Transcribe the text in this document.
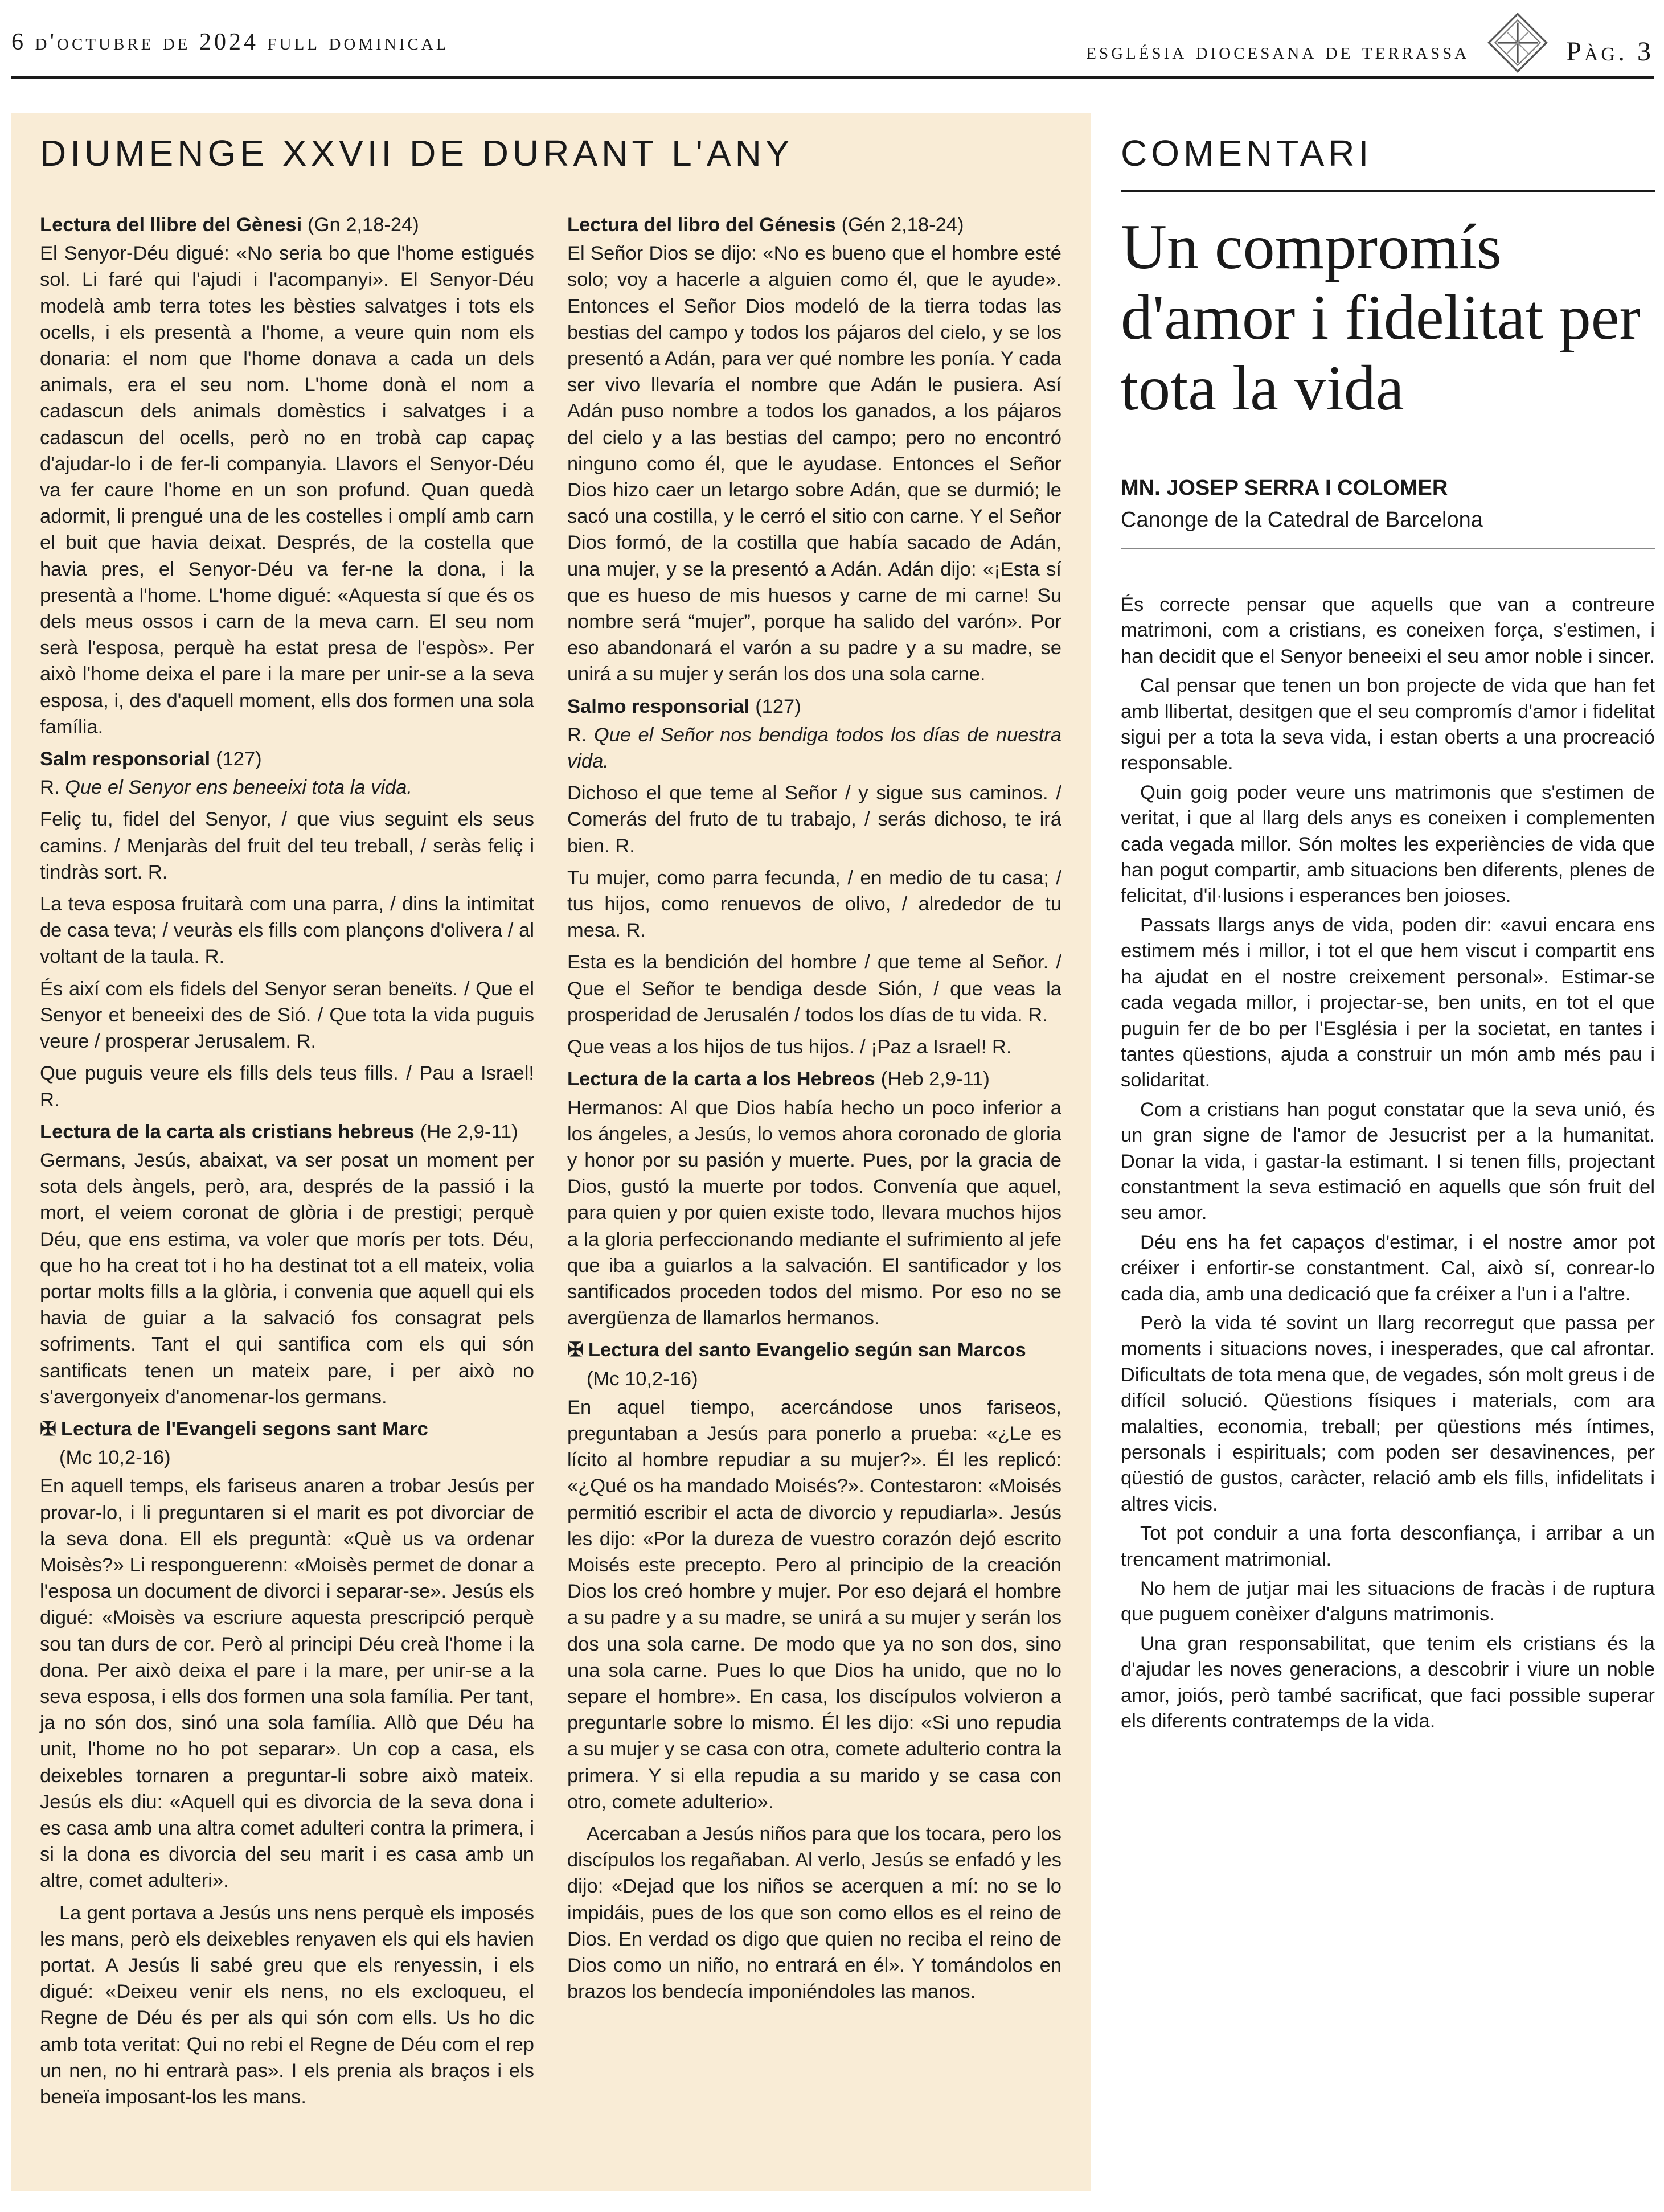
6 d'octubre de 2024 full dominical	església diocesana de terrassa	Pàg. 3
DIUMENGE XXVII DE DURANT L'ANY
Lectura del llibre del Gènesi (Gn 2,18-24)

El Senyor-Déu digué: «No seria bo que l'home estigués sol. Li faré qui l'ajudi i l'acompanyi». El Senyor-Déu modelà amb terra totes les bèsties salvatges i tots els ocells, i els presentà a l'home, a veure quin nom els donaria: el nom que l'home donava a cada un dels animals, era el seu nom. L'home donà el nom a cadascun dels animals domèstics i salvatges i a cadascun del ocells, però no en trobà cap capaç d'ajudar-lo i de fer-li companyia. Llavors el Senyor-Déu va fer caure l'home en un son profund. Quan quedà adormit, li prengué una de les costelles i omplí amb carn el buit que havia deixat. Després, de la costella que havia pres, el Senyor-Déu va fer-ne la dona, i la presentà a l'home. L'home digué: «Aquesta sí que és os dels meus ossos i carn de la meva carn. El seu nom serà l'esposa, perquè ha estat presa de l'espòs». Per això l'home deixa el pare i la mare per unir-se a la seva esposa, i, des d'aquell moment, ells dos formen una sola família.

Salm responsorial (127)

R. Que el Senyor ens beneeixi tota la vida.

Feliç tu, fidel del Senyor, / que vius seguint els seus camins. / Menjaràs del fruit del teu treball, / seràs feliç i tindràs sort. R.

La teva esposa fruitarà com una parra, / dins la intimitat de casa teva; / veuràs els fills com plançons d'olivera / al voltant de la taula. R.

És així com els fidels del Senyor seran beneïts. / Que el Senyor et beneeixi des de Sió. / Que tota la vida puguis veure / prosperar Jerusalem. R.

Que puguis veure els fills dels teus fills. / Pau a Israel! R.

Lectura de la carta als cristians hebreus (He 2,9-11)

Germans, Jesús, abaixat, va ser posat un moment per sota dels àngels, però, ara, després de la passió i la mort, el veiem coronat de glòria i de prestigi; perquè Déu, que ens estima, va voler que morís per tots. Déu, que ho ha creat tot i ho ha destinat tot a ell mateix, volia portar molts fills a la glòria, i convenia que aquell qui els havia de guiar a la salvació fos consagrat pels sofriments. Tant el qui santifica com els qui són santificats tenen un mateix pare, i per això no s'avergonyeix d'anomenar-los germans.

✠ Lectura de l'Evangeli segons sant Marc
(Mc 10,2-16)

En aquell temps, els fariseus anaren a trobar Jesús per provar-lo, i li preguntaren si el marit es pot divorciar de la seva dona. Ell els preguntà: «Què us va ordenar Moisès?» Li responguerenn: «Moisès permet de donar a l'esposa un document de divorci i separar-se». Jesús els digué: «Moisès va escriure aquesta prescripció perquè sou tan durs de cor. Però al principi Déu creà l'home i la dona. Per això deixa el pare i la mare, per unir-se a la seva esposa, i ells dos formen una sola família. Per tant, ja no són dos, sinó una sola família. Allò que Déu ha unit, l'home no ho pot separar». Un cop a casa, els deixebles tornaren a preguntar-li sobre això mateix. Jesús els diu: «Aquell qui es divorcia de la seva dona i es casa amb una altra comet adulteri contra la primera, i si la dona es divorcia del seu marit i es casa amb un altre, comet adulteri».

La gent portava a Jesús uns nens perquè els imposés les mans, però els deixebles renyaven els qui els havien portat. A Jesús li sabé greu que els renyessin, i els digué: «Deixeu venir els nens, no els excloqueu, el Regne de Déu és per als qui són com ells. Us ho dic amb tota veritat: Qui no rebi el Regne de Déu com el rep un nen, no hi entrarà pas». I els prenia als braços i els beneïa imposant-los les mans.

Lectura del libro del Génesis (Gén 2,18-24)

El Señor Dios se dijo: «No es bueno que el hombre esté solo; voy a hacerle a alguien como él, que le ayude». Entonces el Señor Dios modeló de la tierra todas las bestias del campo y todos los pájaros del cielo, y se los presentó a Adán, para ver qué nombre les ponía. Y cada ser vivo llevaría el nombre que Adán le pusiera. Así Adán puso nombre a todos los ganados, a los pájaros del cielo y a las bestias del campo; pero no encontró ninguno como él, que le ayudase. Entonces el Señor Dios hizo caer un letargo sobre Adán, que se durmió; le sacó una costilla, y le cerró el sitio con carne. Y el Señor Dios formó, de la costilla que había sacado de Adán, una mujer, y se la presentó a Adán. Adán dijo: «¡Esta sí que es hueso de mis huesos y carne de mi carne! Su nombre será “mujer”, porque ha salido del varón». Por eso abandonará el varón a su padre y a su madre, se unirá a su mujer y serán los dos una sola carne.

Salmo responsorial (127)

R. Que el Señor nos bendiga todos los días de nuestra vida.

Dichoso el que teme al Señor / y sigue sus caminos. / Comerás del fruto de tu trabajo, / serás dichoso, te irá bien. R.

Tu mujer, como parra fecunda, / en medio de tu casa; / tus hijos, como renuevos de olivo, / alrededor de tu mesa. R.

Esta es la bendición del hombre / que teme al Señor. / Que el Señor te bendiga desde Sión, / que veas la prosperidad de Jerusalén / todos los días de tu vida. R.

Que veas a los hijos de tus hijos. / ¡Paz a Israel! R.

Lectura de la carta a los Hebreos (Heb 2,9-11)

Hermanos: Al que Dios había hecho un poco inferior a los ángeles, a Jesús, lo vemos ahora coronado de gloria y honor por su pasión y muerte. Pues, por la gracia de Dios, gustó la muerte por todos. Convenía que aquel, para quien y por quien existe todo, llevara muchos hijos a la gloria perfeccionando mediante el sufrimiento al jefe que iba a guiarlos a la salvación. El santificador y los santificados proceden todos del mismo. Por eso no se avergüenza de llamarlos hermanos.

✠ Lectura del santo Evangelio según san Marcos
(Mc 10,2-16)

En aquel tiempo, acercándose unos fariseos, preguntaban a Jesús para ponerlo a prueba: «¿Le es lícito al hombre repudiar a su mujer?». Él les replicó: «¿Qué os ha mandado Moisés?». Contestaron: «Moisés permitió escribir el acta de divorcio y repudiarla». Jesús les dijo: «Por la dureza de vuestro corazón dejó escrito Moisés este precepto. Pero al principio de la creación Dios los creó hombre y mujer. Por eso dejará el hombre a su padre y a su madre, se unirá a su mujer y serán los dos una sola carne. De modo que ya no son dos, sino una sola carne. Pues lo que Dios ha unido, que no lo separe el hombre». En casa, los discípulos volvieron a preguntarle sobre lo mismo. Él les dijo: «Si uno repudia a su mujer y se casa con otra, comete adulterio contra la primera. Y si ella repudia a su marido y se casa con otro, comete adulterio».

Acercaban a Jesús niños para que los tocara, pero los discípulos los regañaban. Al verlo, Jesús se enfadó y les dijo: «Dejad que los niños se acerquen a mí: no se lo impidáis, pues de los que son como ellos es el reino de Dios. En verdad os digo que quien no reciba el reino de Dios como un niño, no entrará en él». Y tomándolos en brazos los bendecía imponiéndoles las manos.

COMENTARI
Un compromís d'amor i fidelitat per tota la vida
MN. JOSEP SERRA I COLOMER
Canonge de la Catedral de Barcelona

És correcte pensar que aquells que van a contreure matrimoni, com a cristians, es coneixen força, s'estimen, i han decidit que el Senyor beneeixi el seu amor noble i sincer.

Cal pensar que tenen un bon projecte de vida que han fet amb llibertat, desitgen que el seu compromís d'amor i fidelitat sigui per a tota la seva vida, i estan oberts a una procreació responsable.

Quin goig poder veure uns matrimonis que s'estimen de veritat, i que al llarg dels anys es coneixen i complementen cada vegada millor. Són moltes les experiències de vida que han pogut compartir, amb situacions ben diferents, plenes de felicitat, d'il·lusions i esperances ben joioses.

Passats llargs anys de vida, poden dir: «avui encara ens estimem més i millor, i tot el que hem viscut i compartit ens ha ajudat en el nostre creixement personal». Estimar-se cada vegada millor, i projectar-se, ben units, en tot el que puguin fer de bo per l'Església i per la societat, en tantes i tantes qüestions, ajuda a construir un món amb més pau i solidaritat.

Com a cristians han pogut constatar que la seva unió, és un gran signe de l'amor de Jesucrist per a la humanitat. Donar la vida, i gastar-la estimant. I si tenen fills, projectant constantment la seva estimació en aquells que són fruit del seu amor.

Déu ens ha fet capaços d'estimar, i el nostre amor pot créixer i enfortir-se constantment. Cal, això sí, conrear-lo cada dia, amb una dedicació que fa créixer a l'un i a l'altre.

Però la vida té sovint un llarg recorregut que passa per moments i situacions noves, i inesperades, que cal afrontar. Dificultats de tota mena que, de vegades, són molt greus i de difícil solució. Qüestions físiques i materials, com ara malalties, economia, treball; per qüestions més íntimes, personals i espirituals; com poden ser desavinences, per qüestió de gustos, caràcter, relació amb els fills, infidelitats i altres vicis.

Tot pot conduir a una forta desconfiança, i arribar a un trencament matrimonial.

No hem de jutjar mai les situacions de fracàs i de ruptura que puguem conèixer d'alguns matrimonis.

Una gran responsabilitat, que tenim els cristians és la d'ajudar les noves generacions, a descobrir i viure un noble amor, joiós, però també sacrificat, que faci possible superar els diferents contratemps de la vida.
